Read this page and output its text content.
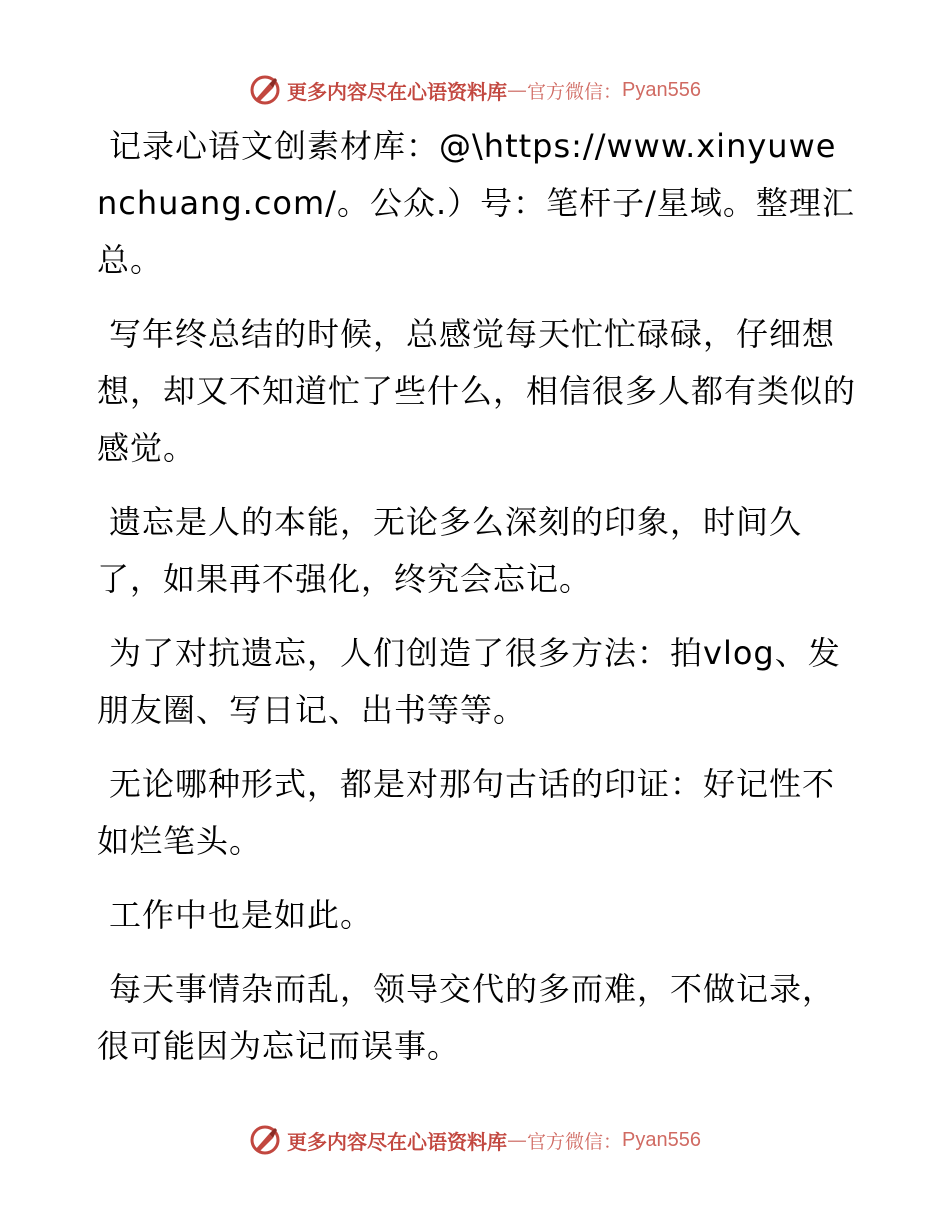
更多内容尽在心语资料库 — 官方微信： Pyan556

记录心语文创素材库：@\https://www.xinyuwenchuang.com/。公众.）号：笔杆子/星域。整理汇总。

写年终总结的时候，总感觉每天忙忙碌碌，仔细想想，却又不知道忙了些什么，相信很多人都有类似的感觉。

遗忘是人的本能，无论多么深刻的印象，时间久了，如果再不强化，终究会忘记。

为了对抗遗忘，人们创造了很多方法：拍vlog、发朋友圈、写日记、出书等等。

无论哪种形式，都是对那句古话的印证：好记性不如烂笔头。

工作中也是如此。

每天事情杂而乱，领导交代的多而难，不做记录，很可能因为忘记而误事。

更多内容尽在心语资料库 — 官方微信： Pyan556
